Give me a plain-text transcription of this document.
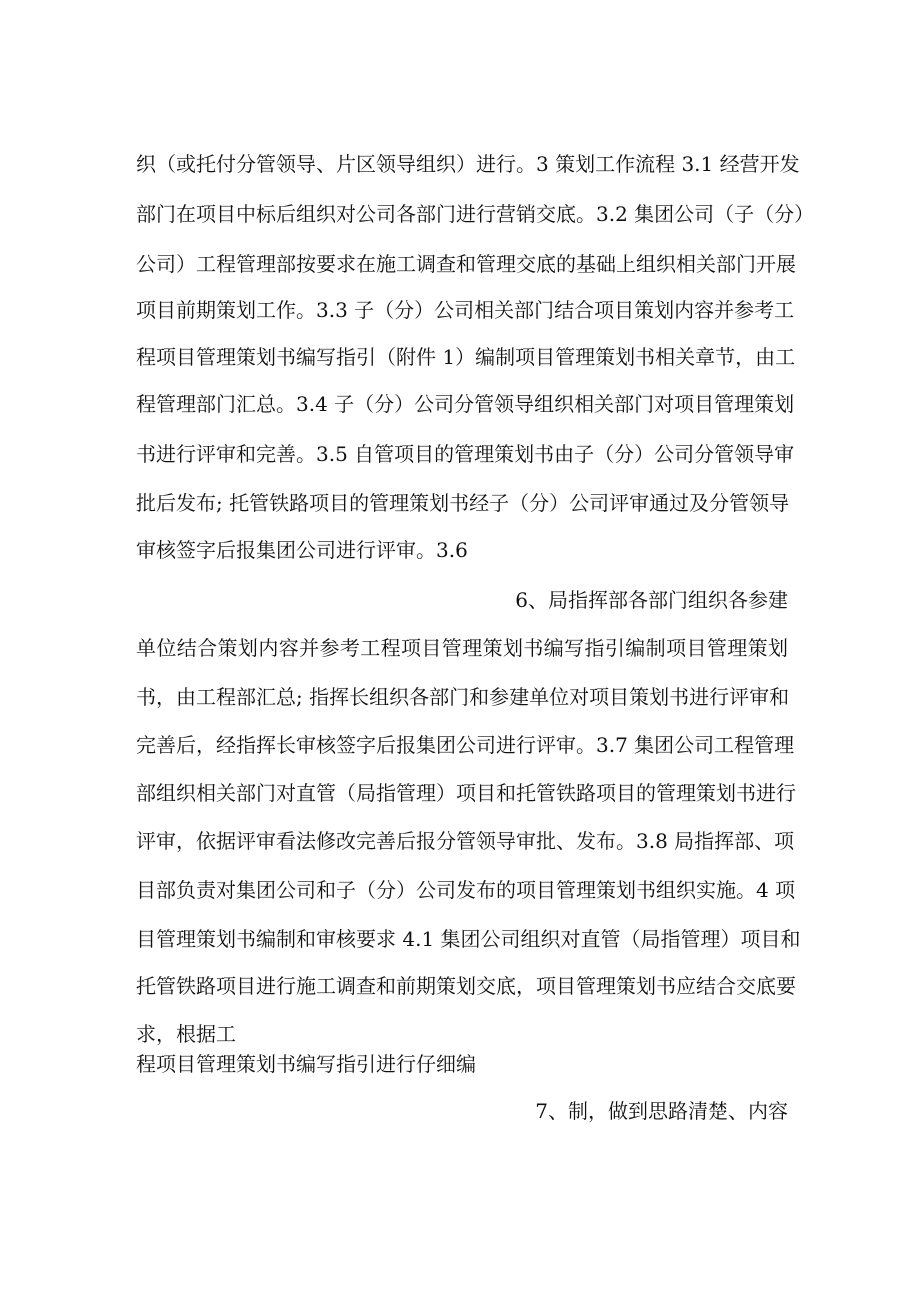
织（或托付分管领导、片区领导组织）进行。3 策划工作流程 3.1 经营开发
部门在项目中标后组织对公司各部门进行营销交底。3.2 集团公司（子（分）
公司）工程管理部按要求在施工调查和管理交底的基础上组织相关部门开展
项目前期策划工作。3.3 子（分）公司相关部门结合项目策划内容并参考工
程项目管理策划书编写指引（附件 1）编制项目管理策划书相关章节，由工
程管理部门汇总。3.4 子（分）公司分管领导组织相关部门对项目管理策划
书进行评审和完善。3.5 自管项目的管理策划书由子（分）公司分管领导审
批后发布; 托管铁路项目的管理策划书经子（分）公司评审通过及分管领导
审核签字后报集团公司进行评审。3.6
6、局指挥部各部门组织各参建
单位结合策划内容并参考工程项目管理策划书编写指引编制项目管理策划
书，由工程部汇总; 指挥长组织各部门和参建单位对项目策划书进行评审和
完善后，经指挥长审核签字后报集团公司进行评审。3.7 集团公司工程管理
部组织相关部门对直管（局指管理）项目和托管铁路项目的管理策划书进行
评审，依据评审看法修改完善后报分管领导审批、发布。3.8 局指挥部、项
目部负责对集团公司和子（分）公司发布的项目管理策划书组织实施。4 项
目管理策划书编制和审核要求 4.1 集团公司组织对直管（局指管理）项目和
托管铁路项目进行施工调查和前期策划交底，项目管理策划书应结合交底要
求，根据工
程项目管理策划书编写指引进行仔细编
7、制，做到思路清楚、内容
